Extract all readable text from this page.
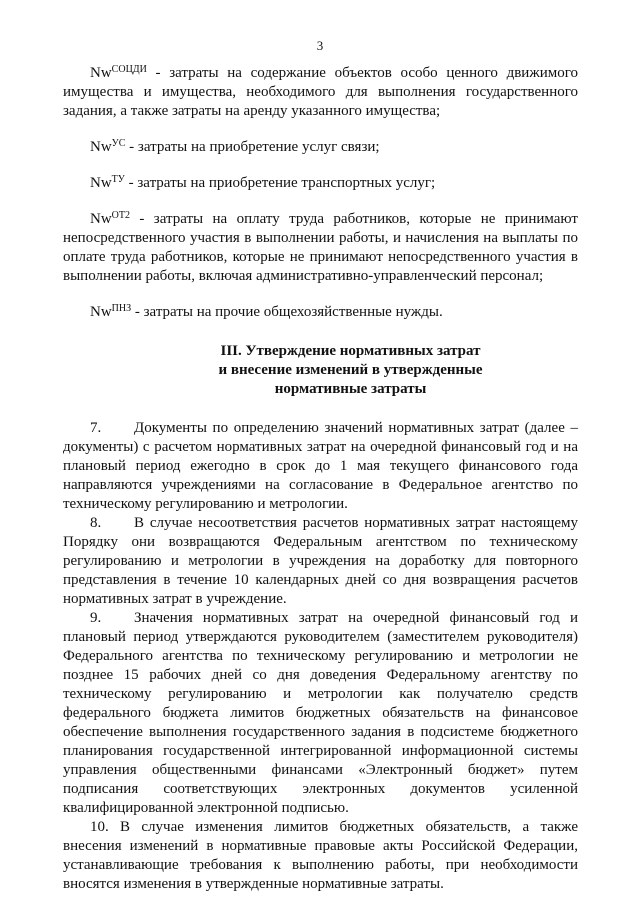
3

$Nw^{СОЦДИ}$ - затраты на содержание объектов особо ценного движимого имущества и имущества, необходимого для выполнения государственного задания, а также затраты на аренду указанного имущества;

$Nw^{УС}$ - затраты на приобретение услуг связи;

$Nw^{ТУ}$ - затраты на приобретение транспортных услуг;

$Nw^{ОТ2}$ - затраты на оплату труда работников, которые не принимают непосредственного участия в выполнении работы, и начисления на выплаты по оплате труда работников, которые не принимают непосредственного участия в выполнении работы, включая административно-управленческий персонал;

$Nw^{ПНЗ}$ - затраты на прочие общехозяйственные нужды.

III. Утверждение нормативных затрат
и внесение изменений в утвержденные
нормативные затраты

7. Документы по определению значений нормативных затрат (далее – документы) с расчетом нормативных затрат на очередной финансовый год и на плановый период ежегодно в срок до 1 мая текущего финансового года направляются учреждениями на согласование в Федеральное агентство по техническому регулированию и метрологии.

8. В случае несоответствия расчетов нормативных затрат настоящему Порядку они возвращаются Федеральным агентством по техническому регулированию и метрологии в учреждения на доработку для повторного представления в течение 10 календарных дней со дня возвращения расчетов нормативных затрат в учреждение.

9. Значения нормативных затрат на очередной финансовый год и плановый период утверждаются руководителем (заместителем руководителя) Федерального агентства по техническому регулированию и метрологии не позднее 15 рабочих дней со дня доведения Федеральному агентству по техническому регулированию и метрологии как получателю средств федерального бюджета лимитов бюджетных обязательств на финансовое обеспечение выполнения государственного задания в подсистеме бюджетного планирования государственной интегрированной информационной системы управления общественными финансами «Электронный бюджет» путем подписания соответствующих электронных документов усиленной квалифицированной электронной подписью.

10. В случае изменения лимитов бюджетных обязательств, а также внесения изменений в нормативные правовые акты Российской Федерации, устанавливающие требования к выполнению работы, при необходимости вносятся изменения в утвержденные нормативные затраты.
